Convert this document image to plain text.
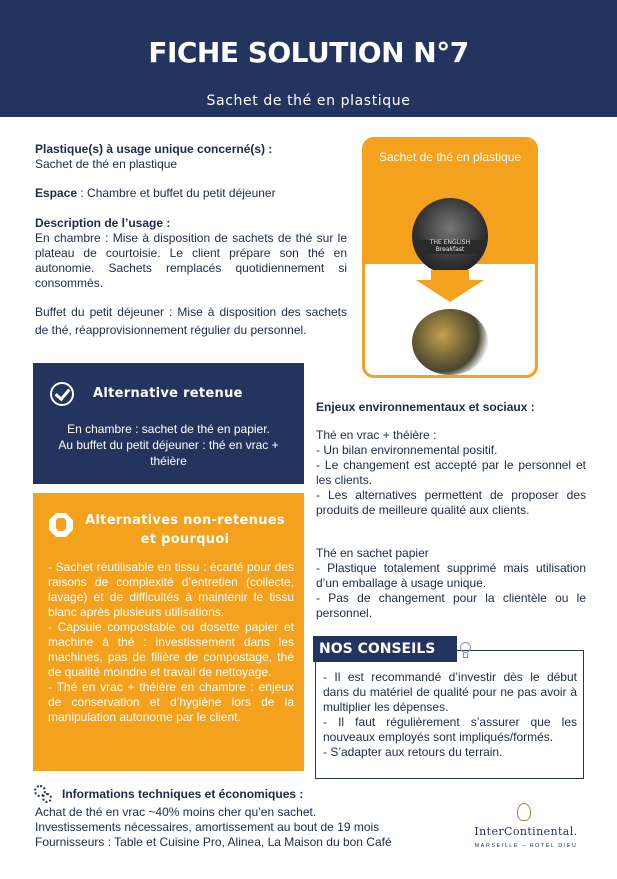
FICHE SOLUTION N°7
Sachet de thé en plastique
Plastique(s) à usage unique concerné(s) :
Sachet de thé en plastique
Espace : Chambre et buffet du petit déjeuner
Description de l’usage :

En chambre : Mise à disposition de sachets de thé sur le plateau de courtoisie. Le client prépare son thé en autonomie. Sachets remplacés quotidiennement si consommés.

Buffet du petit déjeuner : Mise à disposition des sachets de thé, réapprovisionnement régulier du personnel.
Sachet de thé en plastique
THE ENGLISH
Breakfast
Alternative retenue
En chambre : sachet de thé en papier.
Au buffet du petit déjeuner : thé en vrac + théière
Alternatives non-retenues et pourquoi

- Sachet réutilisable en tissu : écarté pour des raisons de complexité d’entretien (collecte, lavage) et de difficultés à maintenir le tissu blanc après plusieurs utilisations.

- Capsule compostable ou dosette papier et machine à thé : investissement dans les machines, pas de filière de compostage, thé de qualité moindre et travail de nettoyage.

- Thé en vrac + théière en chambre : enjeux de conservation et d’hygiène lors de la manipulation autonome par le client.

Enjeux environnementaux et sociaux :
Thé en vrac + théière :

- Un bilan environnemental positif.

- Le changement est accepté par le personnel et les clients.

- Les alternatives permettent de proposer des produits de meilleure qualité aux clients.

Thé en sachet papier

- Plastique totalement supprimé mais utilisation d’un emballage à usage unique.

- Pas de changement pour la clientèle ou le personnel.

NOS CONSEILS

- Il est recommandé d’investir dès le début dans du matériel de qualité pour ne pas avoir à multiplier les dépenses.

- Il faut régulièrement s’assurer que les nouveaux employés sont impliqués/formés.

- S’adapter aux retours du terrain.

Informations techniques et économiques :
Achat de thé en vrac ~40% moins cher qu’en sachet.
Investissements nécessaires, amortissement au bout de 19 mois
Fournisseurs : Table et Cuisine Pro, Alinea, La Maison du bon Café
InterContinental.
MARSEILLE – HOTEL DIEU
